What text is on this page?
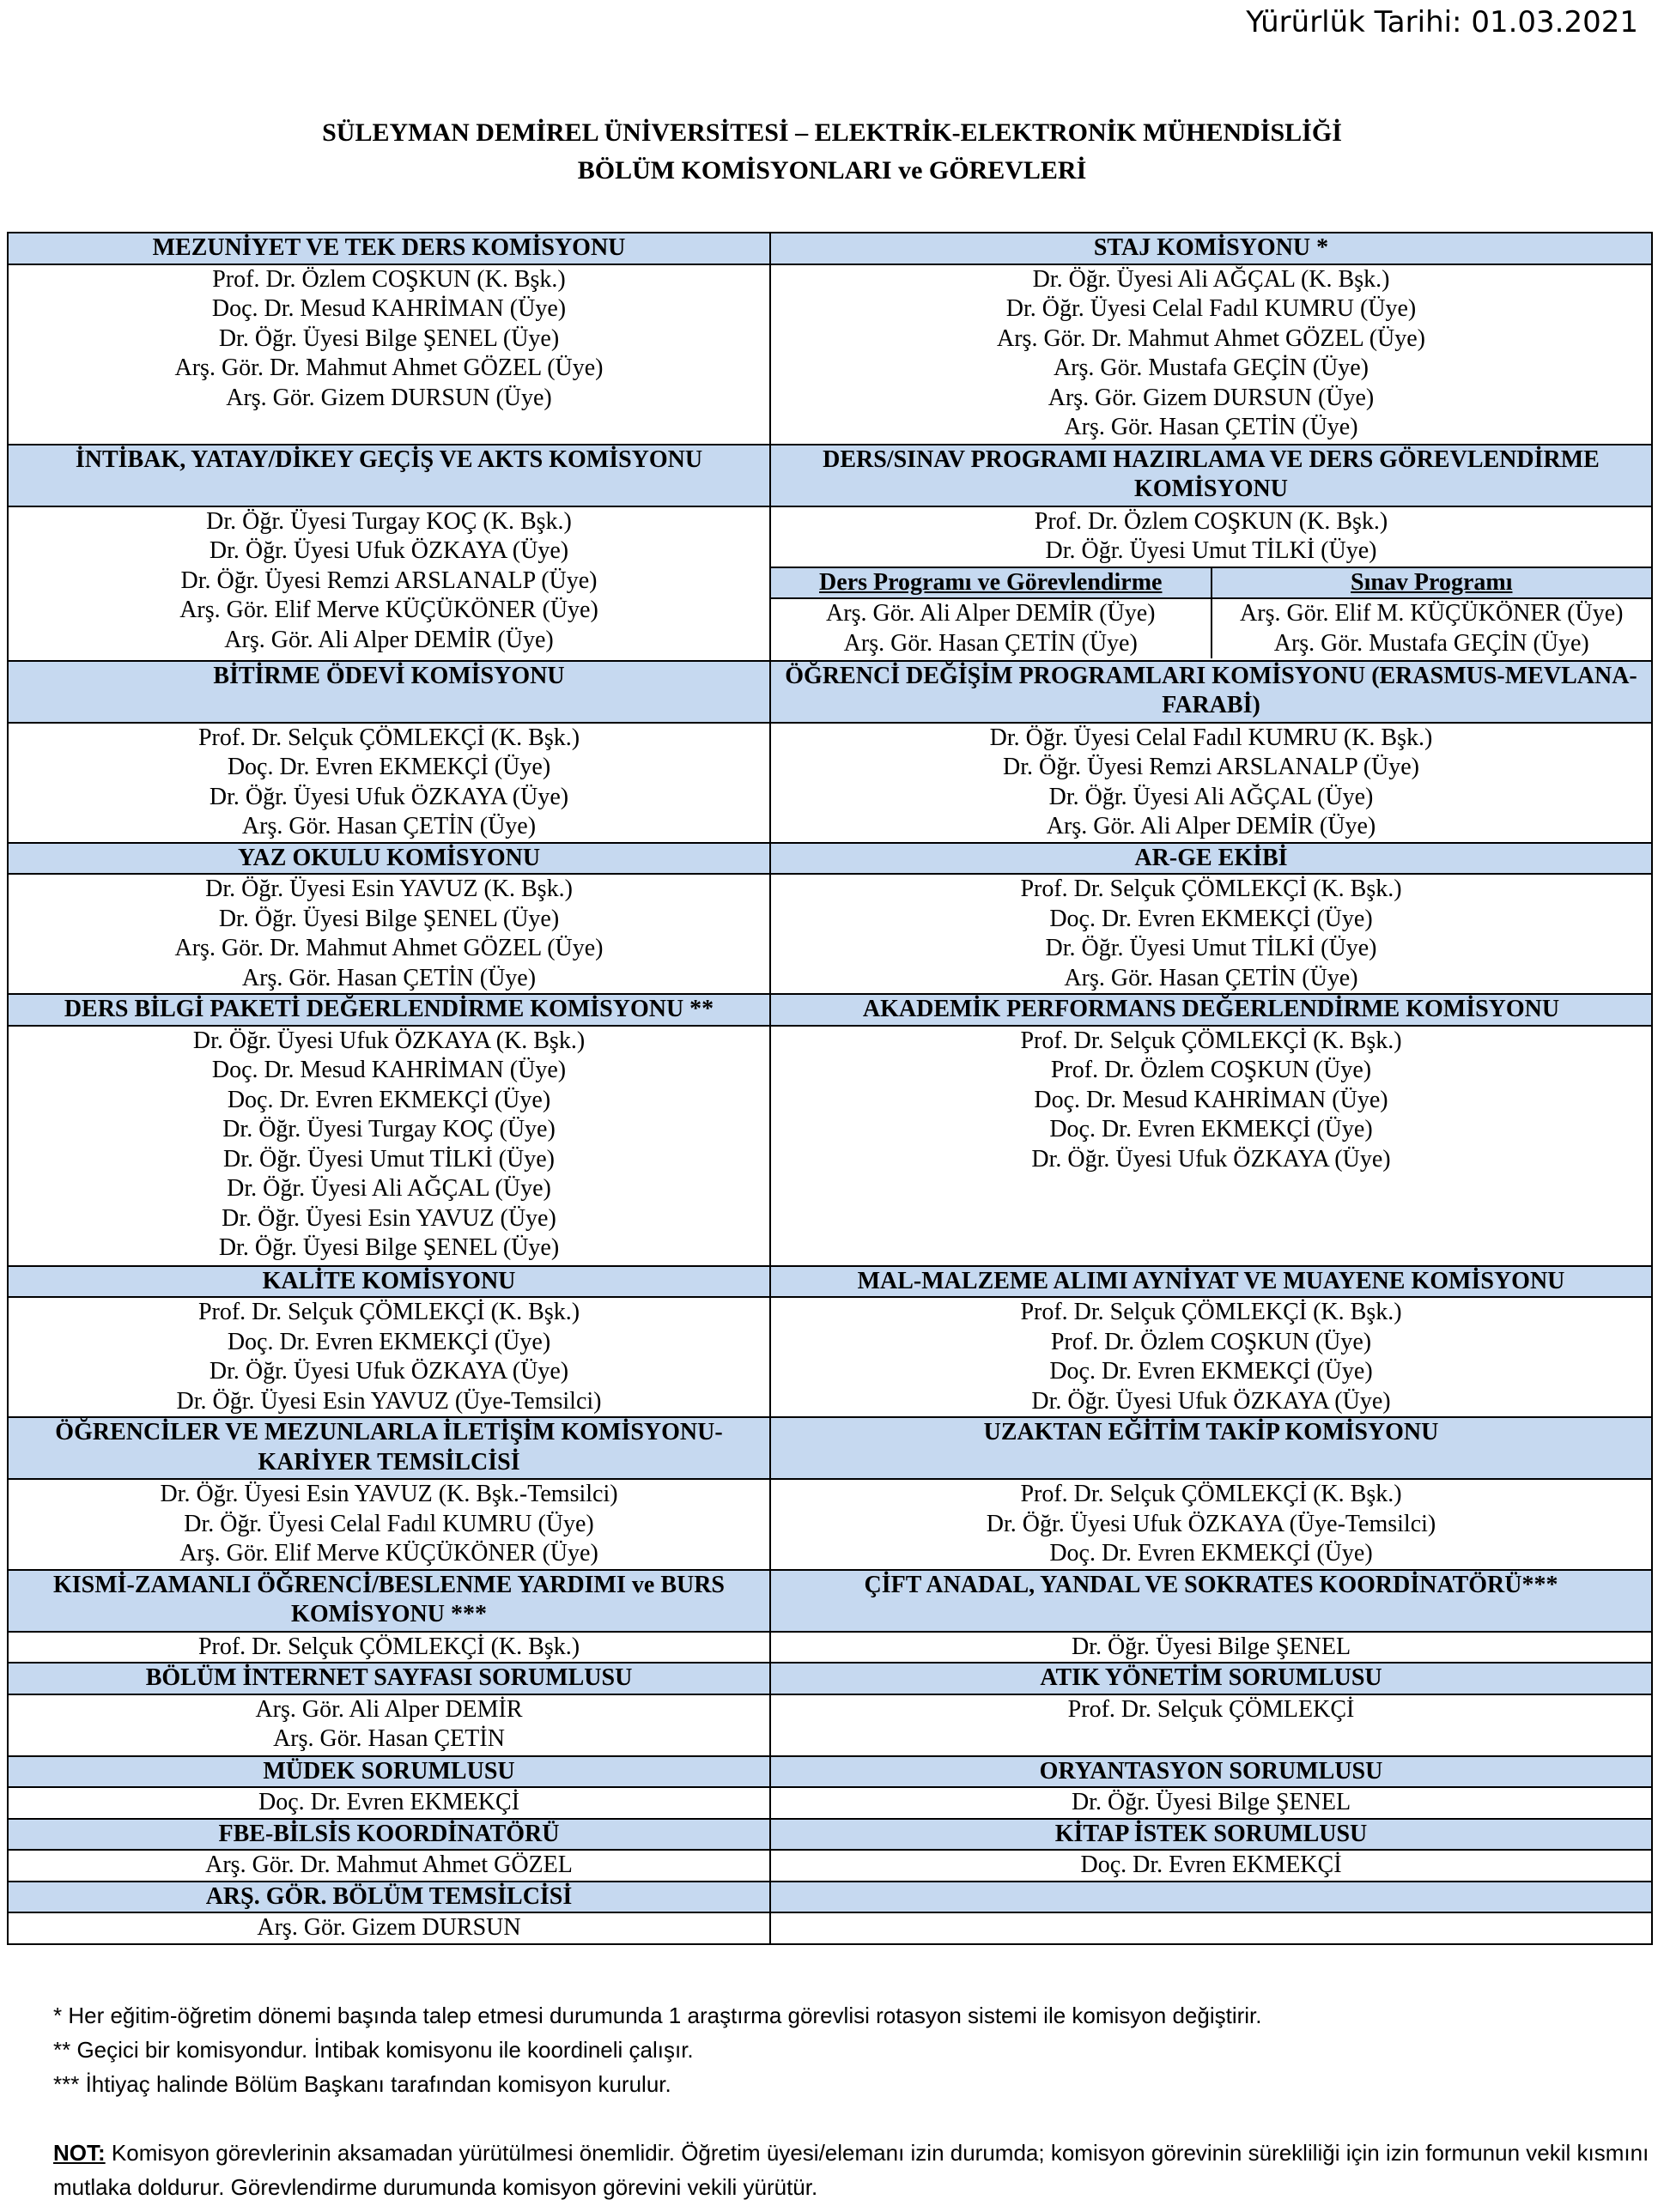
Yürürlük Tarihi: 01.03.2021
SÜLEYMAN DEMİREL ÜNİVERSİTESİ – ELEKTRİK-ELEKTRONİK MÜHENDİSLİĞİ
BÖLÜM KOMİSYONLARI ve GÖREVLERİ
MEZUNİYET VE TEK DERS KOMİSYONU	STAJ KOMİSYONU *

Prof. Dr. Özlem COŞKUN (K. Bşk.)
Doç. Dr. Mesud KAHRİMAN (Üye)
Dr. Öğr. Üyesi Bilge ŞENEL (Üye)
Arş. Gör. Dr. Mahmut Ahmet GÖZEL (Üye)
Arş. Gör. Gizem DURSUN (Üye)

Dr. Öğr. Üyesi Ali AĞÇAL (K. Bşk.)
Dr. Öğr. Üyesi Celal Fadıl KUMRU (Üye)
Arş. Gör. Dr. Mahmut Ahmet GÖZEL (Üye)
Arş. Gör. Mustafa GEÇİN (Üye)
Arş. Gör. Gizem DURSUN (Üye)
Arş. Gör. Hasan ÇETİN (Üye)

İNTİBAK, YATAY/DİKEY GEÇİŞ VE AKTS KOMİSYONU	DERS/SINAV PROGRAMI HAZIRLAMA VE DERS GÖREVLENDİRME KOMİSYONU

Dr. Öğr. Üyesi Turgay KOÇ (K. Bşk.)
Dr. Öğr. Üyesi Ufuk ÖZKAYA (Üye)
Dr. Öğr. Üyesi Remzi ARSLANALP (Üye)
Arş. Gör. Elif Merve KÜÇÜKÖNER (Üye)
Arş. Gör. Ali Alper DEMİR (Üye)

Prof. Dr. Özlem COŞKUN (K. Bşk.)
Dr. Öğr. Üyesi Umut TİLKİ (Üye)
Ders Programı ve Görevlendirme	Sınav Programı

Arş. Gör. Ali Alper DEMİR (Üye)
Arş. Gör. Hasan ÇETİN (Üye)

Arş. Gör. Elif M. KÜÇÜKÖNER (Üye)
Arş. Gör. Mustafa GEÇİN (Üye)

BİTİRME ÖDEVİ KOMİSYONU	ÖĞRENCİ DEĞİŞİM PROGRAMLARI KOMİSYONU (ERASMUS-MEVLANA-FARABİ)

Prof. Dr. Selçuk ÇÖMLEKÇİ (K. Bşk.)
Doç. Dr. Evren EKMEKÇİ (Üye)
Dr. Öğr. Üyesi Ufuk ÖZKAYA (Üye)
Arş. Gör. Hasan ÇETİN (Üye)

Dr. Öğr. Üyesi Celal Fadıl KUMRU (K. Bşk.)
Dr. Öğr. Üyesi Remzi ARSLANALP (Üye)
Dr. Öğr. Üyesi Ali AĞÇAL (Üye)
Arş. Gör. Ali Alper DEMİR (Üye)

YAZ OKULU KOMİSYONU	AR-GE EKİBİ

Dr. Öğr. Üyesi Esin YAVUZ (K. Bşk.)
Dr. Öğr. Üyesi Bilge ŞENEL (Üye)
Arş. Gör. Dr. Mahmut Ahmet GÖZEL (Üye)
Arş. Gör. Hasan ÇETİN (Üye)

Prof. Dr. Selçuk ÇÖMLEKÇİ (K. Bşk.)
Doç. Dr. Evren EKMEKÇİ (Üye)
Dr. Öğr. Üyesi Umut TİLKİ (Üye)
Arş. Gör. Hasan ÇETİN (Üye)

DERS BİLGİ PAKETİ DEĞERLENDİRME KOMİSYONU **	AKADEMİK PERFORMANS DEĞERLENDİRME KOMİSYONU

Dr. Öğr. Üyesi Ufuk ÖZKAYA (K. Bşk.)
Doç. Dr. Mesud KAHRİMAN (Üye)
Doç. Dr. Evren EKMEKÇİ (Üye)
Dr. Öğr. Üyesi Turgay KOÇ (Üye)
Dr. Öğr. Üyesi Umut TİLKİ (Üye)
Dr. Öğr. Üyesi Ali AĞÇAL (Üye)
Dr. Öğr. Üyesi Esin YAVUZ (Üye)
Dr. Öğr. Üyesi Bilge ŞENEL (Üye)

Prof. Dr. Selçuk ÇÖMLEKÇİ (K. Bşk.)
Prof. Dr. Özlem COŞKUN (Üye)
Doç. Dr. Mesud KAHRİMAN (Üye)
Doç. Dr. Evren EKMEKÇİ (Üye)
Dr. Öğr. Üyesi Ufuk ÖZKAYA (Üye)

KALİTE KOMİSYONU	MAL-MALZEME ALIMI AYNİYAT VE MUAYENE KOMİSYONU

Prof. Dr. Selçuk ÇÖMLEKÇİ (K. Bşk.)
Doç. Dr. Evren EKMEKÇİ (Üye)
Dr. Öğr. Üyesi Ufuk ÖZKAYA (Üye)
Dr. Öğr. Üyesi Esin YAVUZ (Üye-Temsilci)

Prof. Dr. Selçuk ÇÖMLEKÇİ (K. Bşk.)
Prof. Dr. Özlem COŞKUN (Üye)
Doç. Dr. Evren EKMEKÇİ (Üye)
Dr. Öğr. Üyesi Ufuk ÖZKAYA (Üye)

ÖĞRENCİLER VE MEZUNLARLA İLETİŞİM KOMİSYONU- KARİYER TEMSİLCİSİ	UZAKTAN EĞİTİM TAKİP KOMİSYONU

Dr. Öğr. Üyesi Esin YAVUZ (K. Bşk.-Temsilci)
Dr. Öğr. Üyesi Celal Fadıl KUMRU (Üye)
Arş. Gör. Elif Merve KÜÇÜKÖNER (Üye)

Prof. Dr. Selçuk ÇÖMLEKÇİ (K. Bşk.)
Dr. Öğr. Üyesi Ufuk ÖZKAYA (Üye-Temsilci)
Doç. Dr. Evren EKMEKÇİ (Üye)

KISMİ-ZAMANLI ÖĞRENCİ/BESLENME YARDIMI ve BURS KOMİSYONU ***	ÇİFT ANADAL, YANDAL VE SOKRATES KOORDİNATÖRÜ***

Prof. Dr. Selçuk ÇÖMLEKÇİ (K. Bşk.)	Dr. Öğr. Üyesi Bilge ŞENEL

BÖLÜM İNTERNET SAYFASI SORUMLUSU	ATIK YÖNETİM SORUMLUSU

Arş. Gör. Ali Alper DEMİR
Arş. Gör. Hasan ÇETİN

Prof. Dr. Selçuk ÇÖMLEKÇİ

MÜDEK SORUMLUSU	ORYANTASYON SORUMLUSU

Doç. Dr. Evren EKMEKÇİ	Dr. Öğr. Üyesi Bilge ŞENEL

FBE-BİLSİS KOORDİNATÖRÜ	KİTAP İSTEK SORUMLUSU

Arş. Gör. Dr. Mahmut Ahmet GÖZEL	Doç. Dr. Evren EKMEKÇİ

ARŞ. GÖR. BÖLÜM TEMSİLCİSİ	

Arş. Gör. Gizem DURSUN

* Her eğitim-öğretim dönemi başında talep etmesi durumunda 1 araştırma görevlisi rotasyon sistemi ile komisyon değiştirir.
** Geçici bir komisyondur. İntibak komisyonu ile koordineli çalışır.
*** İhtiyaç halinde Bölüm Başkanı tarafından komisyon kurulur.
NOT: Komisyon görevlerinin aksamadan yürütülmesi önemlidir. Öğretim üyesi/elemanı izin durumda; komisyon görevinin sürekliliği için izin formunun vekil kısmını mutlaka doldurur. Görevlendirme durumunda komisyon görevini vekili yürütür.
